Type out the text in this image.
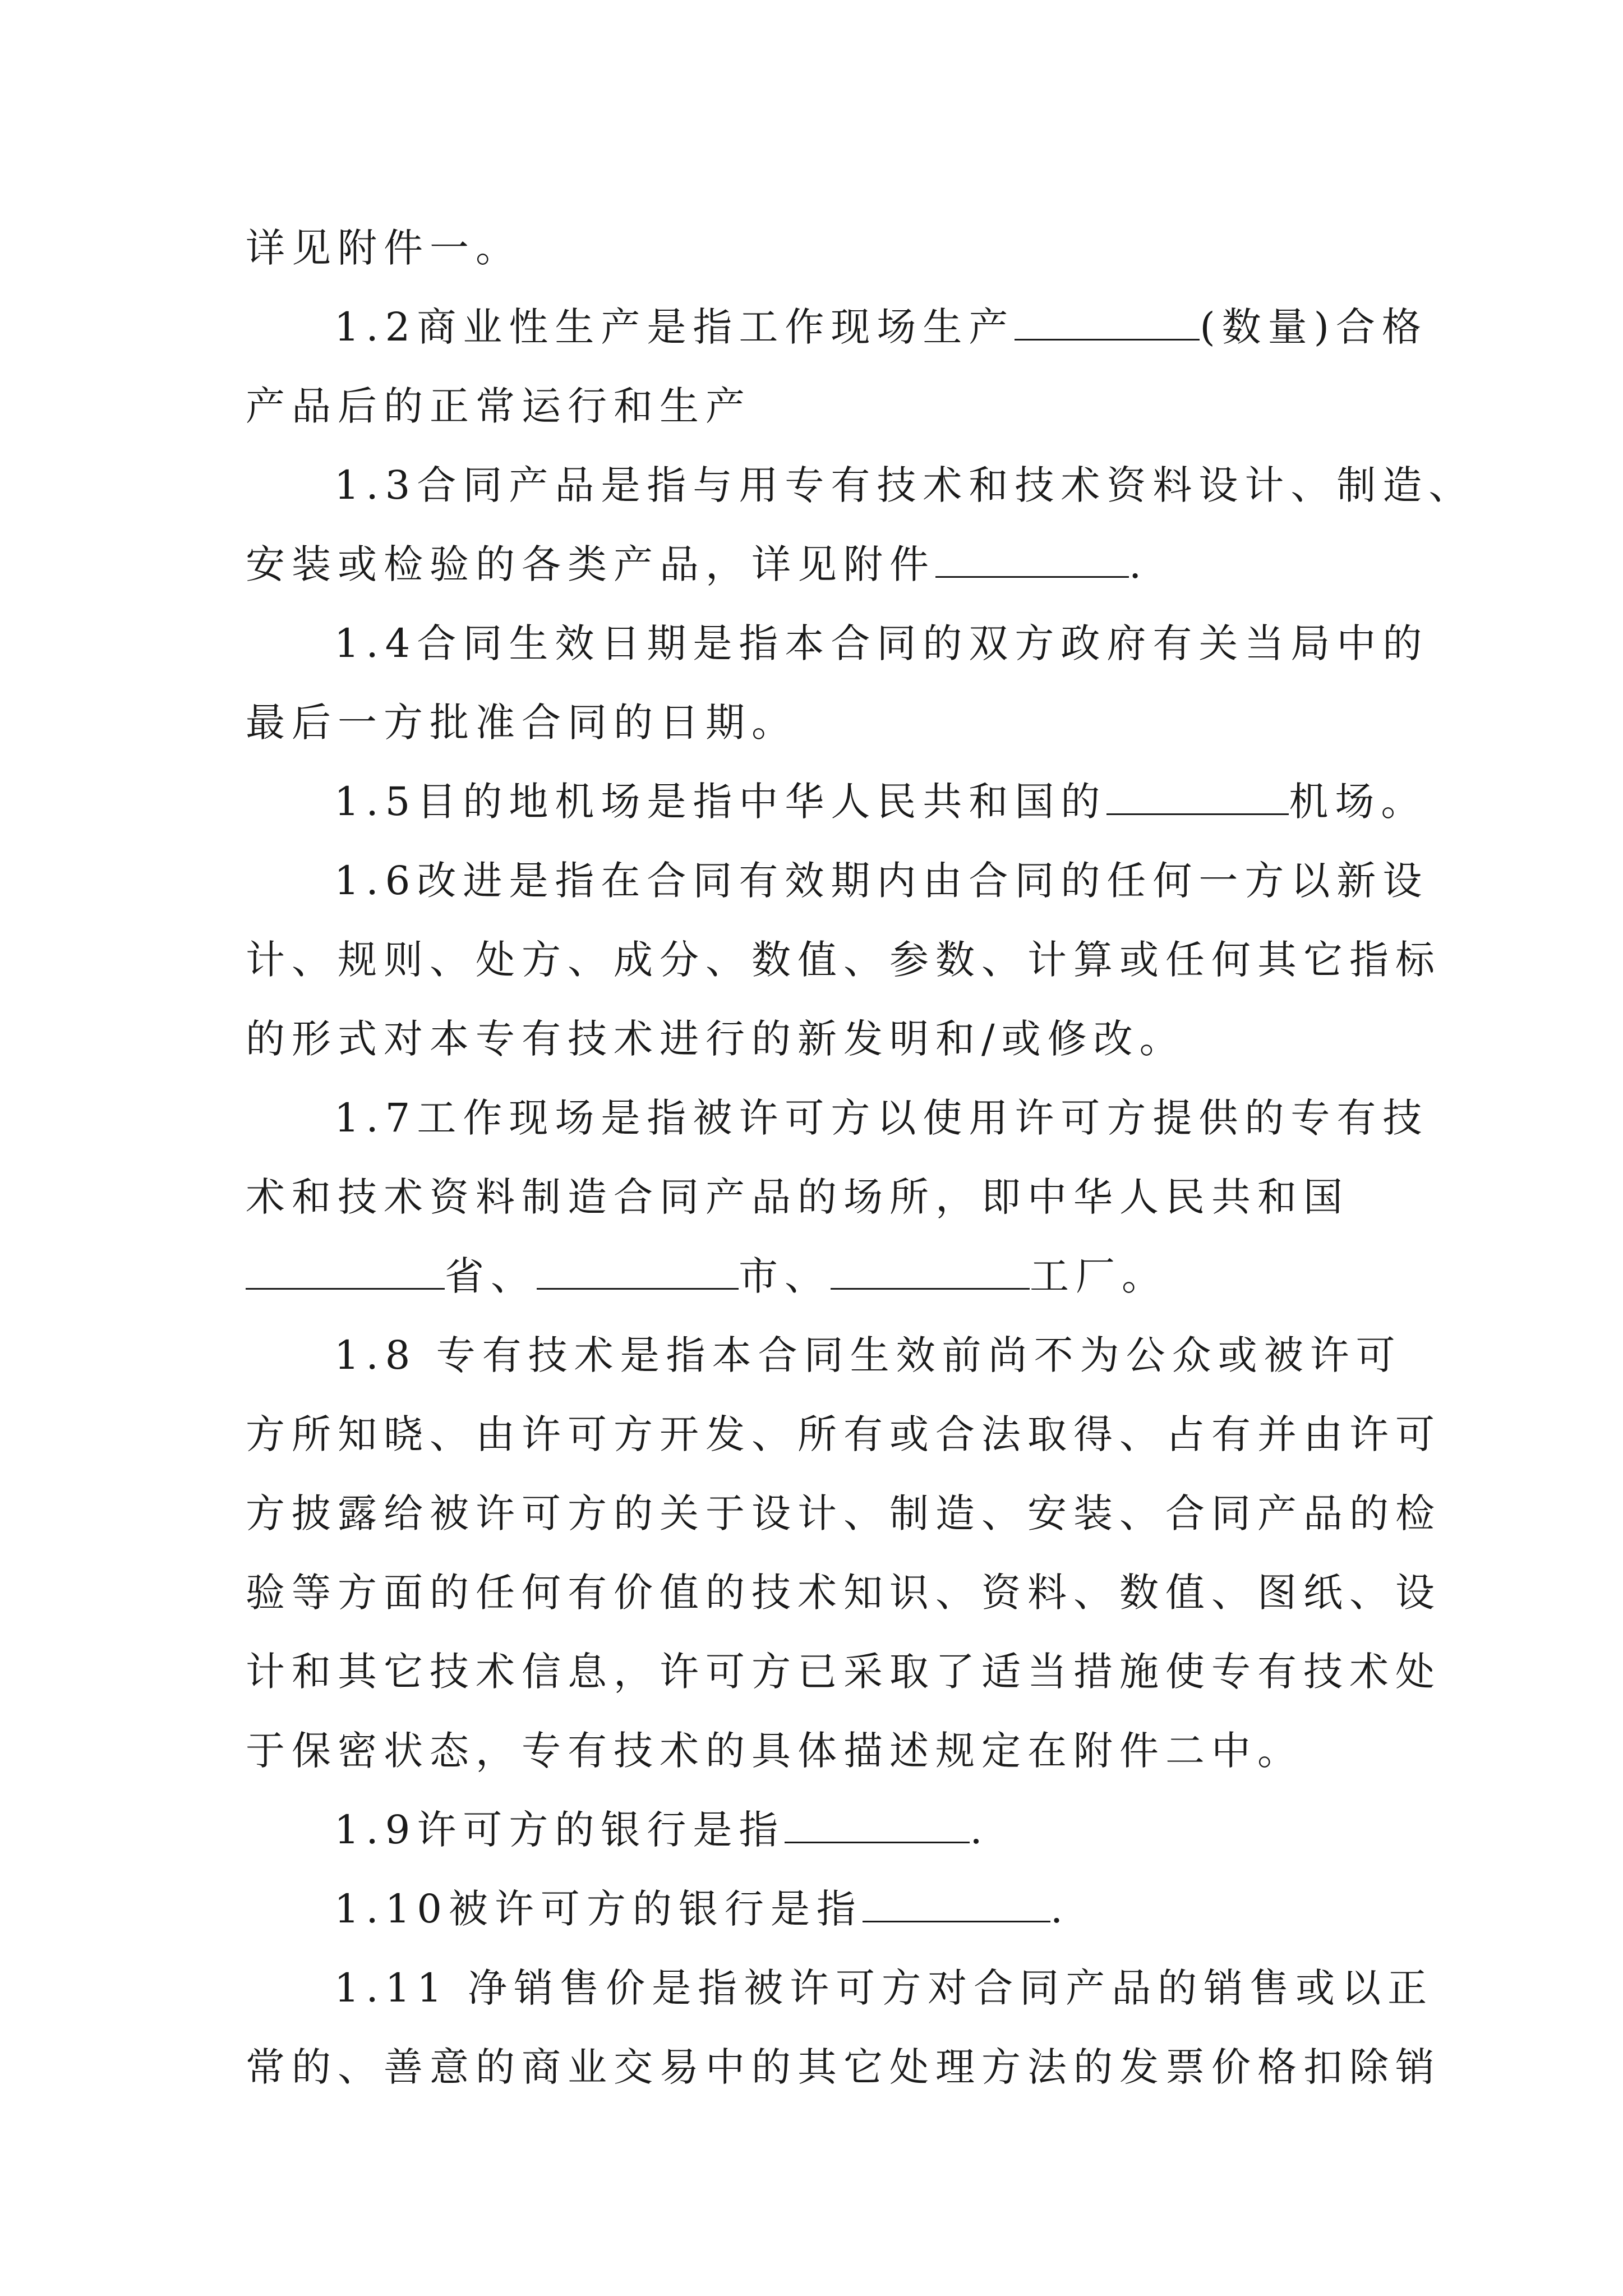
详见附件一。
1.2商业性生产是指工作现场生产	(数量)合格
产品后的正常运行和生产
1.3合同产品是指与用专有技术和技术资料设计、制造、
安装或检验的各类产品，详见附件	.
1.4合同生效日期是指本合同的双方政府有关当局中的
最后一方批准合同的日期。
1.5目的地机场是指中华人民共和国的	机场。
1.6改进是指在合同有效期内由合同的任何一方以新设
计、规则、处方、成分、数值、参数、计算或任何其它指标
的形式对本专有技术进行的新发明和/或修改。
1.7工作现场是指被许可方以使用许可方提供的专有技
术和技术资料制造合同产品的场所，即中华人民共和国
省、	市、	工厂。
1.8 专有技术是指本合同生效前尚不为公众或被许可
方所知晓、由许可方开发、所有或合法取得、占有并由许可
方披露给被许可方的关于设计、制造、安装、合同产品的检
验等方面的任何有价值的技术知识、资料、数值、图纸、设
计和其它技术信息，许可方已采取了适当措施使专有技术处
于保密状态，专有技术的具体描述规定在附件二中。
1.9许可方的银行是指	.
1.10被许可方的银行是指	.
1.11 净销售价是指被许可方对合同产品的销售或以正
常的、善意的商业交易中的其它处理方法的发票价格扣除销
